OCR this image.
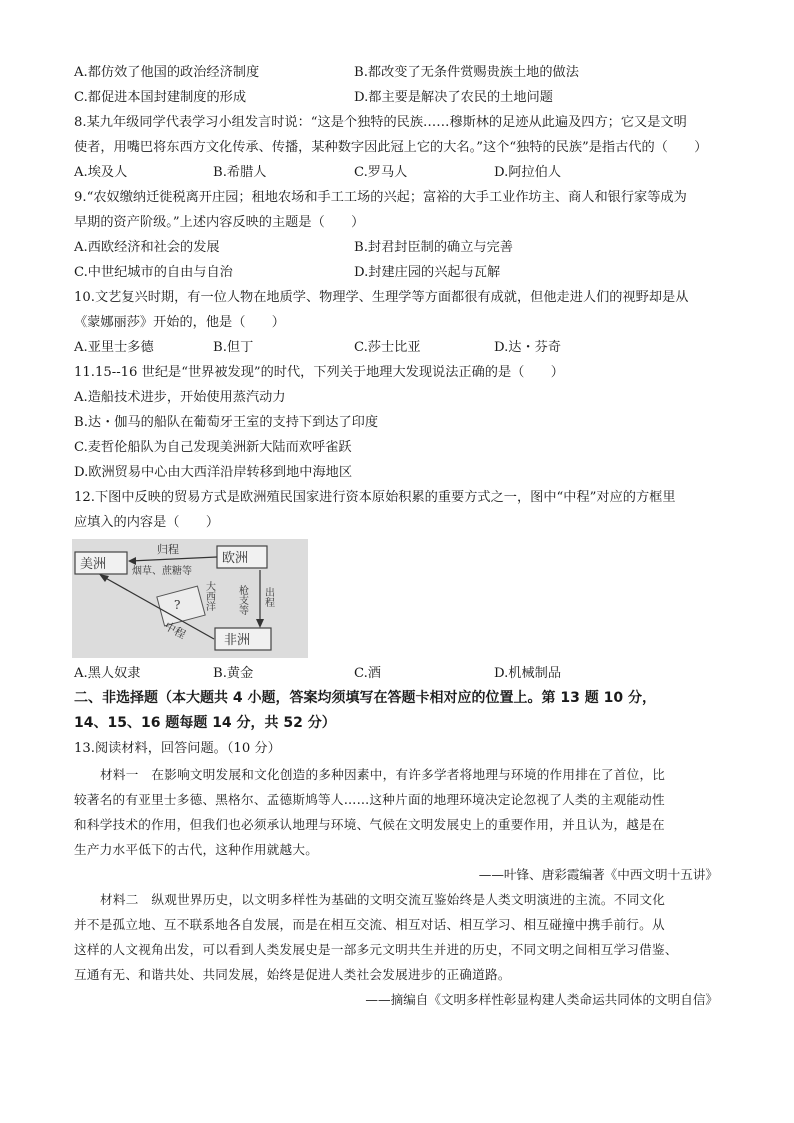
A.都仿效了他国的政治经济制度	B.都改变了无条件赏赐贵族土地的做法
C.都促进本国封建制度的形成	D.都主要是解决了农民的土地问题
8.某九年级同学代表学习小组发言时说：“这是个独特的民族……穆斯林的足迹从此遍及四方；它又是文明
使者，用嘴巴将东西方文化传承、传播，某种数字因此冠上它的大名。”这个“独特的民族”是指古代的（　　）
A.埃及人	B.希腊人	C.罗马人	D.阿拉伯人
9.“农奴缴纳迁徙税离开庄园；租地农场和手工工场的兴起；富裕的大手工业作坊主、商人和银行家等成为
早期的资产阶级。”上述内容反映的主题是（　　）
A.西欧经济和社会的发展	B.封君封臣制的确立与完善
C.中世纪城市的自由与自治	D.封建庄园的兴起与瓦解
10.文艺复兴时期，有一位人物在地质学、物理学、生理学等方面都很有成就，但他走进人们的视野却是从
《蒙娜丽莎》开始的，他是（　　）
A.亚里士多德	B.但丁	C.莎士比亚	D.达・芬奇
11.15--16 世纪是“世界被发现”的时代，下列关于地理大发现说法正确的是（　　）
A.造船技术进步，开始使用蒸汽动力
B.达・伽马的船队在葡萄牙王室的支持下到达了印度
C.麦哲伦船队为自己发现美洲新大陆而欢呼雀跃
D.欧洲贸易中心由大西洋沿岸转移到地中海地区
12.下图中反映的贸易方式是欧洲殖民国家进行资本原始积累的重要方式之一，图中“中程”对应的方框里
应填入的内容是（　　）
美洲	欧洲
非洲
归程
烟草、蔗糖等
出程
枪支等
大西洋
?
中程
A.黑人奴隶	B.黄金	C.酒	D.机械制品
二、非选择题（本大题共 4 小题，答案均须填写在答题卡相对应的位置上。第 13 题 10 分，
14、15、16 题每题 14 分，共 52 分）
13.阅读材料，回答问题。（10 分）
材料一　在影响文明发展和文化创造的多种因素中，有许多学者将地理与环境的作用排在了首位，比
较著名的有亚里士多德、黑格尔、孟德斯鸠等人……这种片面的地理环境决定论忽视了人类的主观能动性
和科学技术的作用，但我们也必须承认地理与环境、气候在文明发展史上的重要作用，并且认为，越是在
生产力水平低下的古代，这种作用就越大。
——叶锋、唐彩霞编著《中西文明十五讲》
材料二　纵观世界历史，以文明多样性为基础的文明交流互鉴始终是人类文明演进的主流。不同文化
并不是孤立地、互不联系地各自发展，而是在相互交流、相互对话、相互学习、相互碰撞中携手前行。从
这样的人文视角出发，可以看到人类发展史是一部多元文明共生并进的历史，不同文明之间相互学习借鉴、
互通有无、和谐共处、共同发展，始终是促进人类社会发展进步的正确道路。
——摘编自《文明多样性彰显构建人类命运共同体的文明自信》
